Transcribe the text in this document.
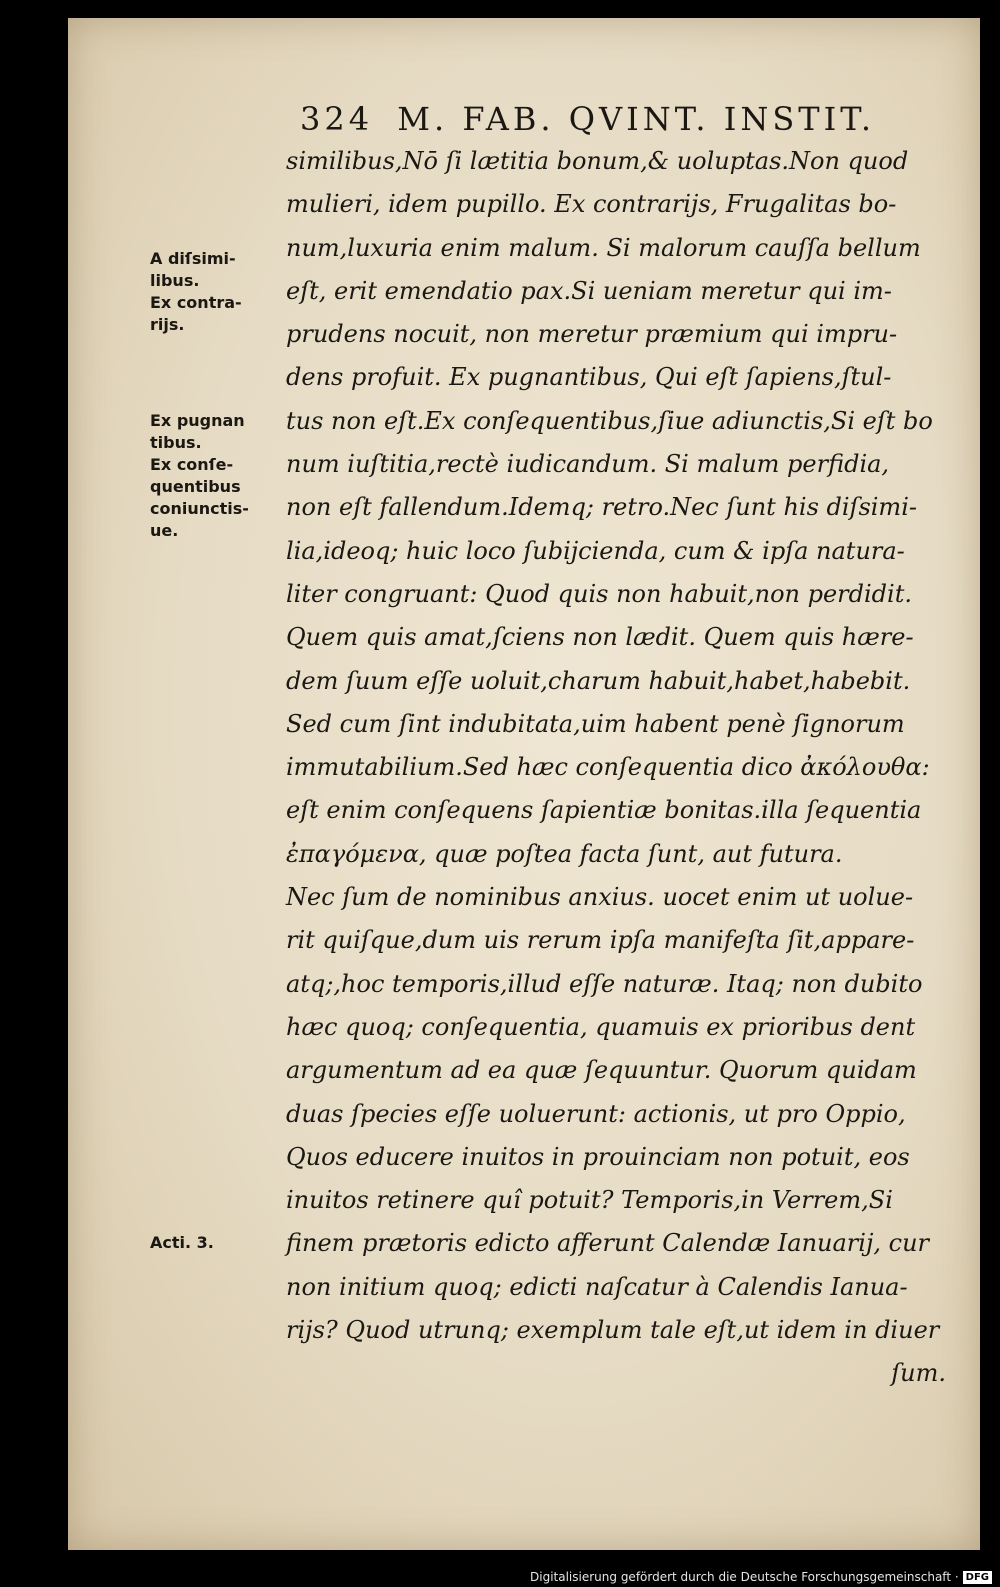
324 M. FAB. QVINT. INSTIT.
similibus,Nō ſi lætitia bonum,& uoluptas.Non quod
mulieri, idem pupillo. Ex contrarijs, Frugalitas bo-
num,luxuria enim malum. Si malorum cauſſa bellum
eſt, erit emendatio pax.Si ueniam meretur qui im-
prudens nocuit, non meretur præmium qui impru-
dens profuit. Ex pugnantibus, Qui eſt ſapiens,ſtul-
tus non eſt.Ex conſequentibus,ſiue adiunctis,Si eſt bo
num iuſtitia,rectè iudicandum. Si malum perfidia,
non eſt fallendum.Idemq; retro.Nec ſunt his diſsimi-
lia,ideoq; huic loco ſubijcienda, cum & ipſa natura-
liter congruant: Quod quis non habuit,non perdidit.
Quem quis amat,ſciens non lædit. Quem quis hære-
dem ſuum eſſe uoluit,charum habuit,habet,habebit.
Sed cum ſint indubitata,uim habent penè ſignorum
immutabilium.Sed hæc conſequentia dico ἀκόλουθα:
eſt enim conſequens ſapientiæ bonitas.illa ſequentia
ἐπαγόμενα, quæ poſtea facta ſunt, aut futura.
Nec ſum de nominibus anxius. uocet enim ut uolue-
rit quiſque,dum uis rerum ipſa manifeſta ſit,appare-
atq;,hoc temporis,illud eſſe naturæ. Itaq; non dubito
hæc quoq; conſequentia, quamuis ex prioribus dent
argumentum ad ea quæ ſequuntur. Quorum quidam
duas ſpecies eſſe uoluerunt: actionis, ut pro Oppio,
Quos educere inuitos in prouinciam non potuit, eos
inuitos retinere quî potuit? Temporis,in Verrem,Si
finem prætoris edicto afferunt Calendæ Ianuarij, cur
non initium quoq; edicti naſcatur à Calendis Ianua-
rijs? Quod utrunq; exemplum tale eſt,ut idem in diuer
ſum.
A diſsimi-
libus.
Ex contra-
rijs.
Ex pugnan
tibus.
Ex conſe-
quentibus
coniunctis-
ue.
Acti. 3.
Digitalisierung gefördert durch die Deutsche Forschungsgemeinschaft · DFG
